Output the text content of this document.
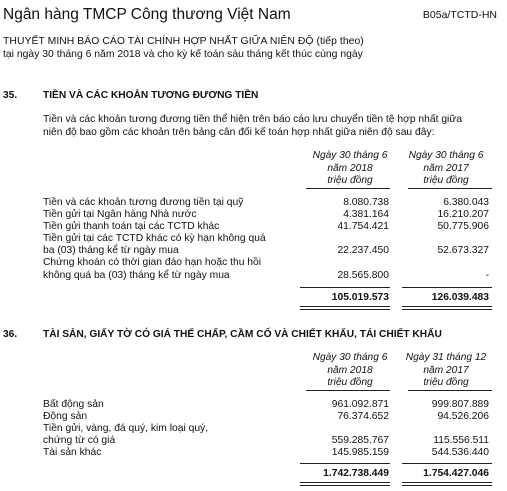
Ngân hàng TMCP Công thương Việt Nam	B05a/TCTD-HN
THUYẾT MINH BÁO CÁO TÀI CHÍNH HỢP NHẤT GIỮA NIÊN ĐỘ (tiếp theo)
tại ngày 30 tháng 6 năm 2018 và cho kỳ kế toán sáu tháng kết thúc cùng ngày
35.	TIỀN VÀ CÁC KHOẢN TƯƠNG ĐƯƠNG TIỀN
Tiền và các khoản tương đương tiền thể hiện trên báo cáo lưu chuyển tiền tệ hợp nhất giữa
niên độ bao gồm các khoản trên bảng cân đối kế toán hợp nhất giữa niên độ sau đây:
Ngày 30 tháng 6
năm 2018
triệu đồng
Ngày 30 tháng 6
năm 2017
triệu đồng
Tiền và các khoản tương đương tiền tại quỹ	8.080.738	6.380.043
Tiền gửi tại Ngân hàng Nhà nước	4.381.164	16.210.207
Tiền gửi thanh toán tại các TCTD khác	41.754.421	50.775.906
Tiền gửi tại các TCTD khác có kỳ hạn không quá
ba (03) tháng kể từ ngày mua	22.237.450	52.673.327
Chứng khoán có thời gian đáo hạn hoặc thu hồi
không quá ba (03) tháng kể từ ngày mua	28.565.800	-
105.019.573	126.039.483
36.	TÀI SẢN, GIẤY TỜ CÓ GIÁ THẾ CHẤP, CẦM CỐ VÀ CHIẾT KHẤU, TÁI CHIẾT KHẤU
Ngày 30 tháng 6
năm 2018
triệu đồng
Ngày 31 tháng 12
năm 2017
triệu đồng
Bất động sản	961.092.871	999.807.889
Động sản	76.374.652	94.526.206
Tiền gửi, vàng, đá quý, kim loại quý,
chứng từ có giá	559.285.767	115.556.511
Tài sản khác	145.985.159	544.536.440
1.742.738.449	1.754.427.046
